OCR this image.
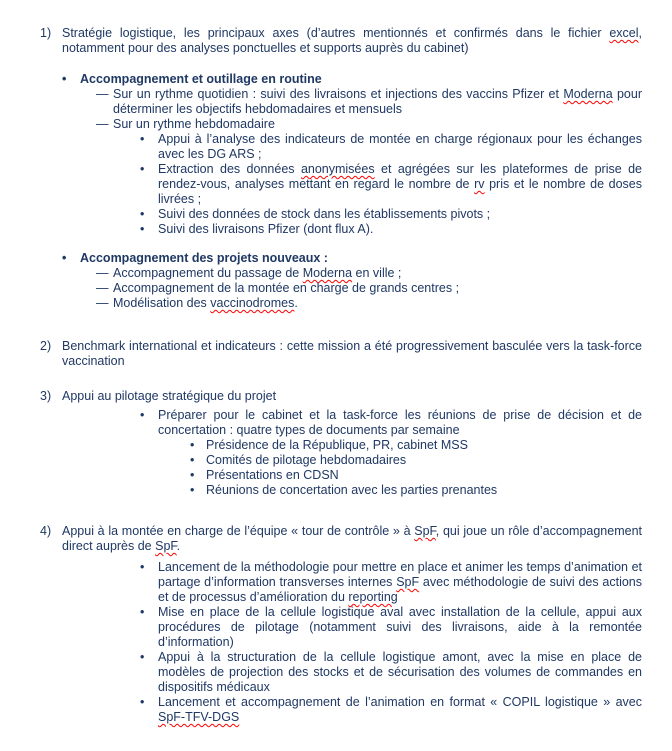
1) Stratégie logistique, les principaux axes (d’autres mentionnés et confirmés dans le fichier excel, notamment pour des analyses ponctuelles et supports auprès du cabinet)

•	Accompagnement et outillage en routine

— Sur un rythme quotidien : suivi des livraisons et injections des vaccins Pfizer et Moderna pour déterminer les objectifs hebdomadaires et mensuels

— Sur un rythme hebdomadaire

•	Appui à l’analyse des indicateurs de montée en charge régionaux pour les échanges avec les DG ARS ;

•	Extraction des données anonymisées et agrégées sur les plateformes de prise de rendez-vous, analyses mettant en regard le nombre de rv pris et le nombre de doses livrées ;

•	Suivi des données de stock dans les établissements pivots ;

•	Suivi des livraisons Pfizer (dont flux A).

•	Accompagnement des projets nouveaux :

— Accompagnement du passage de Moderna en ville ;

— Accompagnement de la montée en charge de grands centres ;

— Modélisation des vaccinodromes.

2) Benchmark international et indicateurs : cette mission a été progressivement basculée vers la task-force vaccination

3) Appui au pilotage stratégique du projet

•	Préparer pour le cabinet et la task-force les réunions de prise de décision et de concertation : quatre types de documents par semaine

• Présidence de la République, PR, cabinet MSS

• Comités de pilotage hebdomadaires

• Présentations en CDSN

• Réunions de concertation avec les parties prenantes

4) Appui à la montée en charge de l’équipe « tour de contrôle » à SpF, qui joue un rôle d’accompagnement direct auprès de SpF.

•	Lancement de la méthodologie pour mettre en place et animer les temps d’animation et partage d’information transverses internes SpF avec méthodologie de suivi des actions et de processus d’amélioration du reporting

•	Mise en place de la cellule logistique aval avec installation de la cellule, appui aux procédures de pilotage (notamment suivi des livraisons, aide à la remontée d’information)

•	Appui à la structuration de la cellule logistique amont, avec la mise en place de modèles de projection des stocks et de sécurisation des volumes de commandes en dispositifs médicaux

•	Lancement et accompagnement de l’animation en format « COPIL logistique » avec SpF-TFV-DGS
